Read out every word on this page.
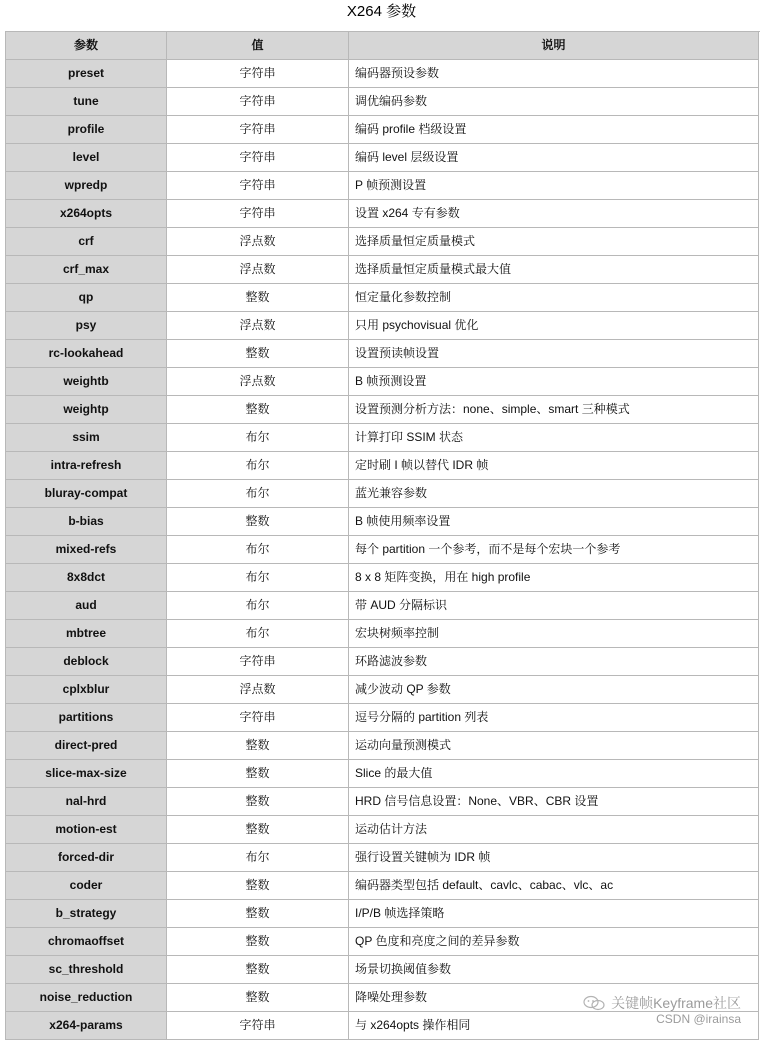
X264 参数
参数	值	说明
preset	字符串	编码器预设参数
tune	字符串	调优编码参数
profile	字符串	编码 profile 档级设置
level	字符串	编码 level 层级设置
wpredp	字符串	P 帧预测设置
x264opts	字符串	设置 x264 专有参数
crf	浮点数	选择质量恒定质量模式
crf_max	浮点数	选择质量恒定质量模式最大值
qp	整数	恒定量化参数控制
psy	浮点数	只用 psychovisual 优化
rc-lookahead	整数	设置预读帧设置
weightb	浮点数	B 帧预测设置
weightp	整数	设置预测分析方法：none、simple、smart 三种模式
ssim	布尔	计算打印 SSIM 状态
intra-refresh	布尔	定时刷 I 帧以替代 IDR 帧
bluray-compat	布尔	蓝光兼容参数
b-bias	整数	B 帧使用频率设置
mixed-refs	布尔	每个 partition 一个参考，而不是每个宏块一个参考
8x8dct	布尔	8 x 8 矩阵变换，用在 high profile
aud	布尔	带 AUD 分隔标识
mbtree	布尔	宏块树频率控制
deblock	字符串	环路滤波参数
cplxblur	浮点数	减少波动 QP 参数
partitions	字符串	逗号分隔的 partition 列表
direct-pred	整数	运动向量预测模式
slice-max-size	整数	Slice 的最大值
nal-hrd	整数	HRD 信号信息设置：None、VBR、CBR 设置
motion-est	整数	运动估计方法
forced-dir	布尔	强行设置关键帧为 IDR 帧
coder	整数	编码器类型包括 default、cavlc、cabac、vlc、ac
b_strategy	整数	I/P/B 帧选择策略
chromaoffset	整数	QP 色度和亮度之间的差异参数
sc_threshold	整数	场景切换阈值参数
noise_reduction	整数	降噪处理参数
x264-params	字符串	与 x264opts 操作相同
关键帧Keyframe社区
CSDN @irainsa
